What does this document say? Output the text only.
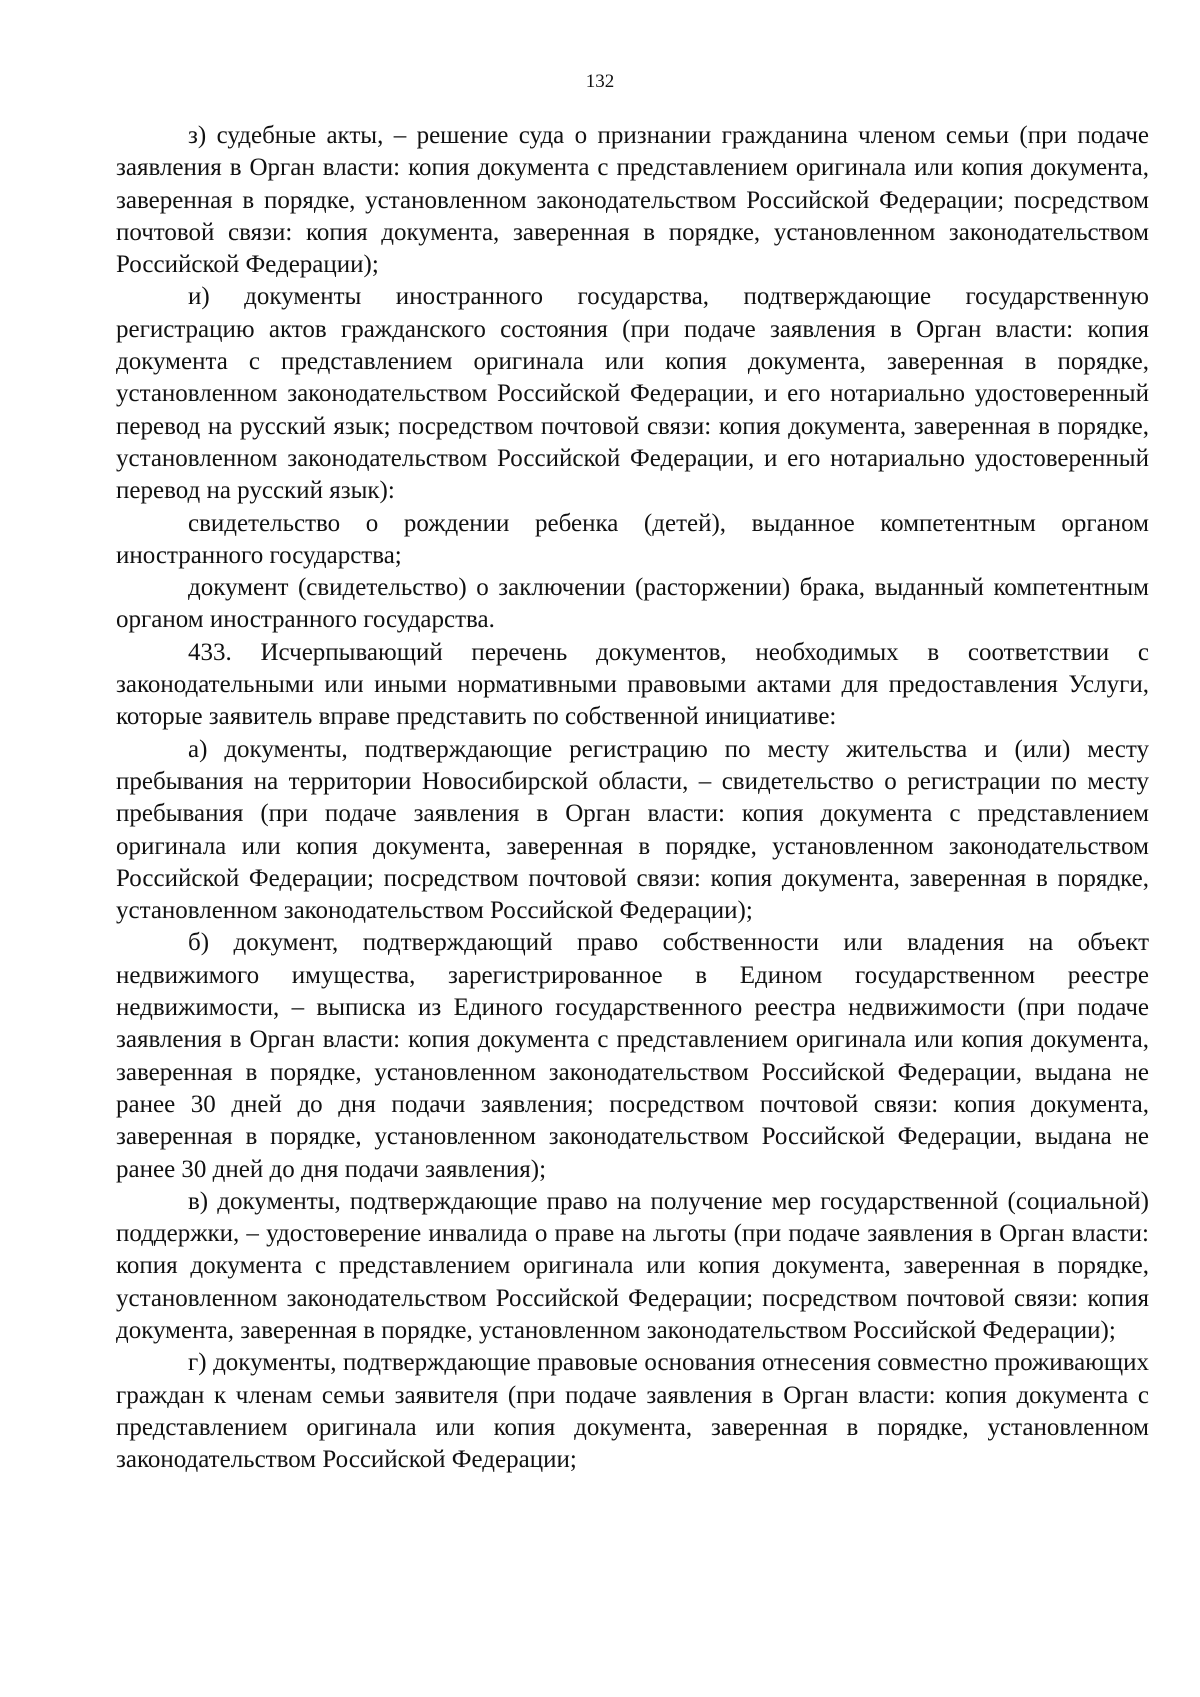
132

з) судебные акты, – решение суда о признании гражданина членом семьи (при подаче заявления в Орган власти: копия документа с представлением оригинала или копия документа, заверенная в порядке, установленном законодательством Российской Федерации; посредством почтовой связи: копия документа, заверенная в порядке, установленном законодательством Российской Федерации);

и) документы иностранного государства, подтверждающие государственную регистрацию актов гражданского состояния (при подаче заявления в Орган власти: копия документа с представлением оригинала или копия документа, заверенная в порядке, установленном законодательством Российской Федерации, и его нотариально удостоверенный перевод на русский язык; посредством почтовой связи: копия документа, заверенная в порядке, установленном законодательством Российской Федерации, и его нотариально удостоверенный перевод на русский язык):

свидетельство о рождении ребенка (детей), выданное компетентным органом иностранного государства;

документ (свидетельство) о заключении (расторжении) брака, выданный компетентным органом иностранного государства.

433. Исчерпывающий перечень документов, необходимых в соответствии с законодательными или иными нормативными правовыми актами для предоставления Услуги, которые заявитель вправе представить по собственной инициативе:

а) документы, подтверждающие регистрацию по месту жительства и (или) месту пребывания на территории Новосибирской области, – свидетельство о регистрации по месту пребывания (при подаче заявления в Орган власти: копия документа с представлением оригинала или копия документа, заверенная в порядке, установленном законодательством Российской Федерации; посредством почтовой связи: копия документа, заверенная в порядке, установленном законодательством Российской Федерации);

б) документ, подтверждающий право собственности или владения на объект недвижимого имущества, зарегистрированное в Едином государственном реестре недвижимости, – выписка из Единого государственного реестра недвижимости (при подаче заявления в Орган власти: копия документа с представлением оригинала или копия документа, заверенная в порядке, установленном законодательством Российской Федерации, выдана не ранее 30 дней до дня подачи заявления; посредством почтовой связи: копия документа, заверенная в порядке, установленном законодательством Российской Федерации, выдана не ранее 30 дней до дня подачи заявления);

в) документы, подтверждающие право на получение мер государственной (социальной) поддержки, – удостоверение инвалида о праве на льготы (при подаче заявления в Орган власти: копия документа с представлением оригинала или копия документа, заверенная в порядке, установленном законодательством Российской Федерации; посредством почтовой связи: копия документа, заверенная в порядке, установленном законодательством Российской Федерации);

г) документы, подтверждающие правовые основания отнесения совместно проживающих граждан к членам семьи заявителя (при подаче заявления в Орган власти: копия документа с представлением оригинала или копия документа, заверенная в порядке, установленном законодательством Российской Федерации;
